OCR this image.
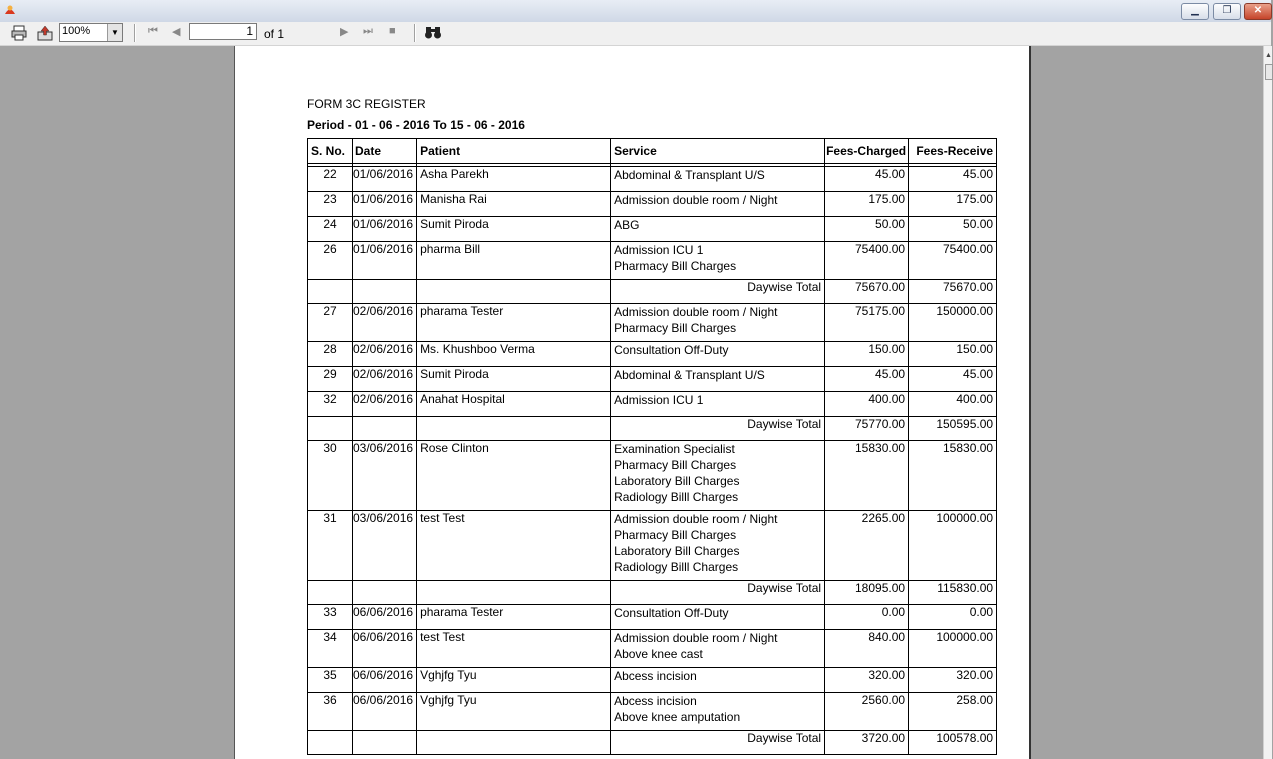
▁	❐	✕
100%	▼	⏮ ◀	1 of 1	▶ ⏭ ■
FORM 3C REGISTER
Period - 01 - 06 - 2016 To 15 - 06 - 2016
S. No.	Date	Patient	Service	Fees-Charged	Fees-Receive

22	01/06/2016	Asha Parekh	Abdominal & Transplant U/S	45.00	45.00
23	01/06/2016	Manisha Rai	Admission double room / Night	175.00	175.00
24	01/06/2016	Sumit Piroda	ABG	50.00	50.00
26	01/06/2016	pharma Bill	Admission ICU 1
Pharmacy Bill Charges	75400.00	75400.00
			Daywise Total	75670.00	75670.00
27	02/06/2016	pharama Tester	Admission double room / Night
Pharmacy Bill Charges	75175.00	150000.00
28	02/06/2016	Ms. Khushboo Verma	Consultation Off-Duty	150.00	150.00
29	02/06/2016	Sumit Piroda	Abdominal & Transplant U/S	45.00	45.00
32	02/06/2016	Anahat Hospital	Admission ICU 1	400.00	400.00
			Daywise Total	75770.00	150595.00
30	03/06/2016	Rose Clinton	Examination Specialist
Pharmacy Bill Charges
Laboratory Bill Charges
Radiology Billl Charges	15830.00	15830.00
31	03/06/2016	test Test	Admission double room / Night
Pharmacy Bill Charges
Laboratory Bill Charges
Radiology Billl Charges	2265.00	100000.00
			Daywise Total	18095.00	115830.00
33	06/06/2016	pharama Tester	Consultation Off-Duty	0.00	0.00
34	06/06/2016	test Test	Admission double room / Night
Above knee cast	840.00	100000.00
35	06/06/2016	Vghjfg Tyu	Abcess incision	320.00	320.00
36	06/06/2016	Vghjfg Tyu	Abcess incision
Above knee amputation	2560.00	258.00
			Daywise Total	3720.00	100578.00
▲
